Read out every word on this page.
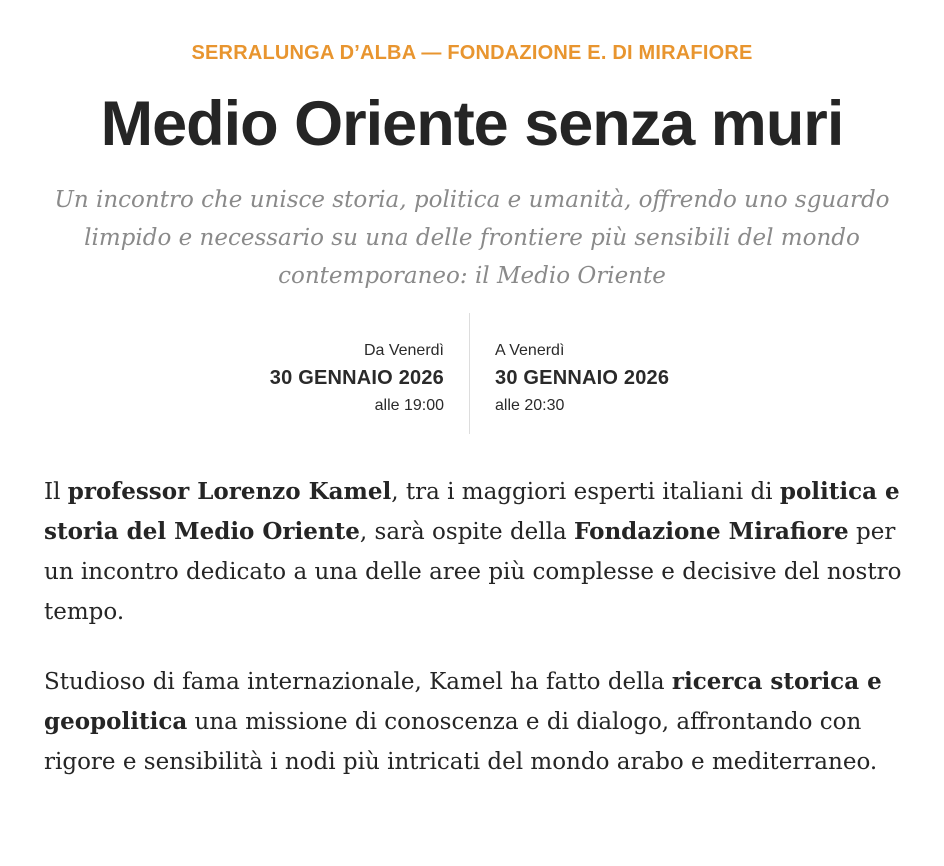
SERRALUNGA D’ALBA — FONDAZIONE E. DI MIRAFIORE
Medio Oriente senza muri

Un incontro che unisce storia, politica e umanità, offrendo uno sguardo limpido e necessario su una delle frontiere più sensibili del mondo contemporaneo: il Medio Oriente

Da Venerdì
30 GENNAIO 2026
alle 19:00
A Venerdì
30 GENNAIO 2026
alle 20:30

Il professor Lorenzo Kamel, tra i maggiori esperti italiani di politica e storia del Medio Oriente, sarà ospite della Fondazione Mirafiore per un incontro dedicato a una delle aree più complesse e decisive del nostro tempo.

Studioso di fama internazionale, Kamel ha fatto della ricerca storica e geopolitica una missione di conoscenza e di dialogo, affrontando con rigore e sensibilità i nodi più intricati del mondo arabo e mediterraneo.
